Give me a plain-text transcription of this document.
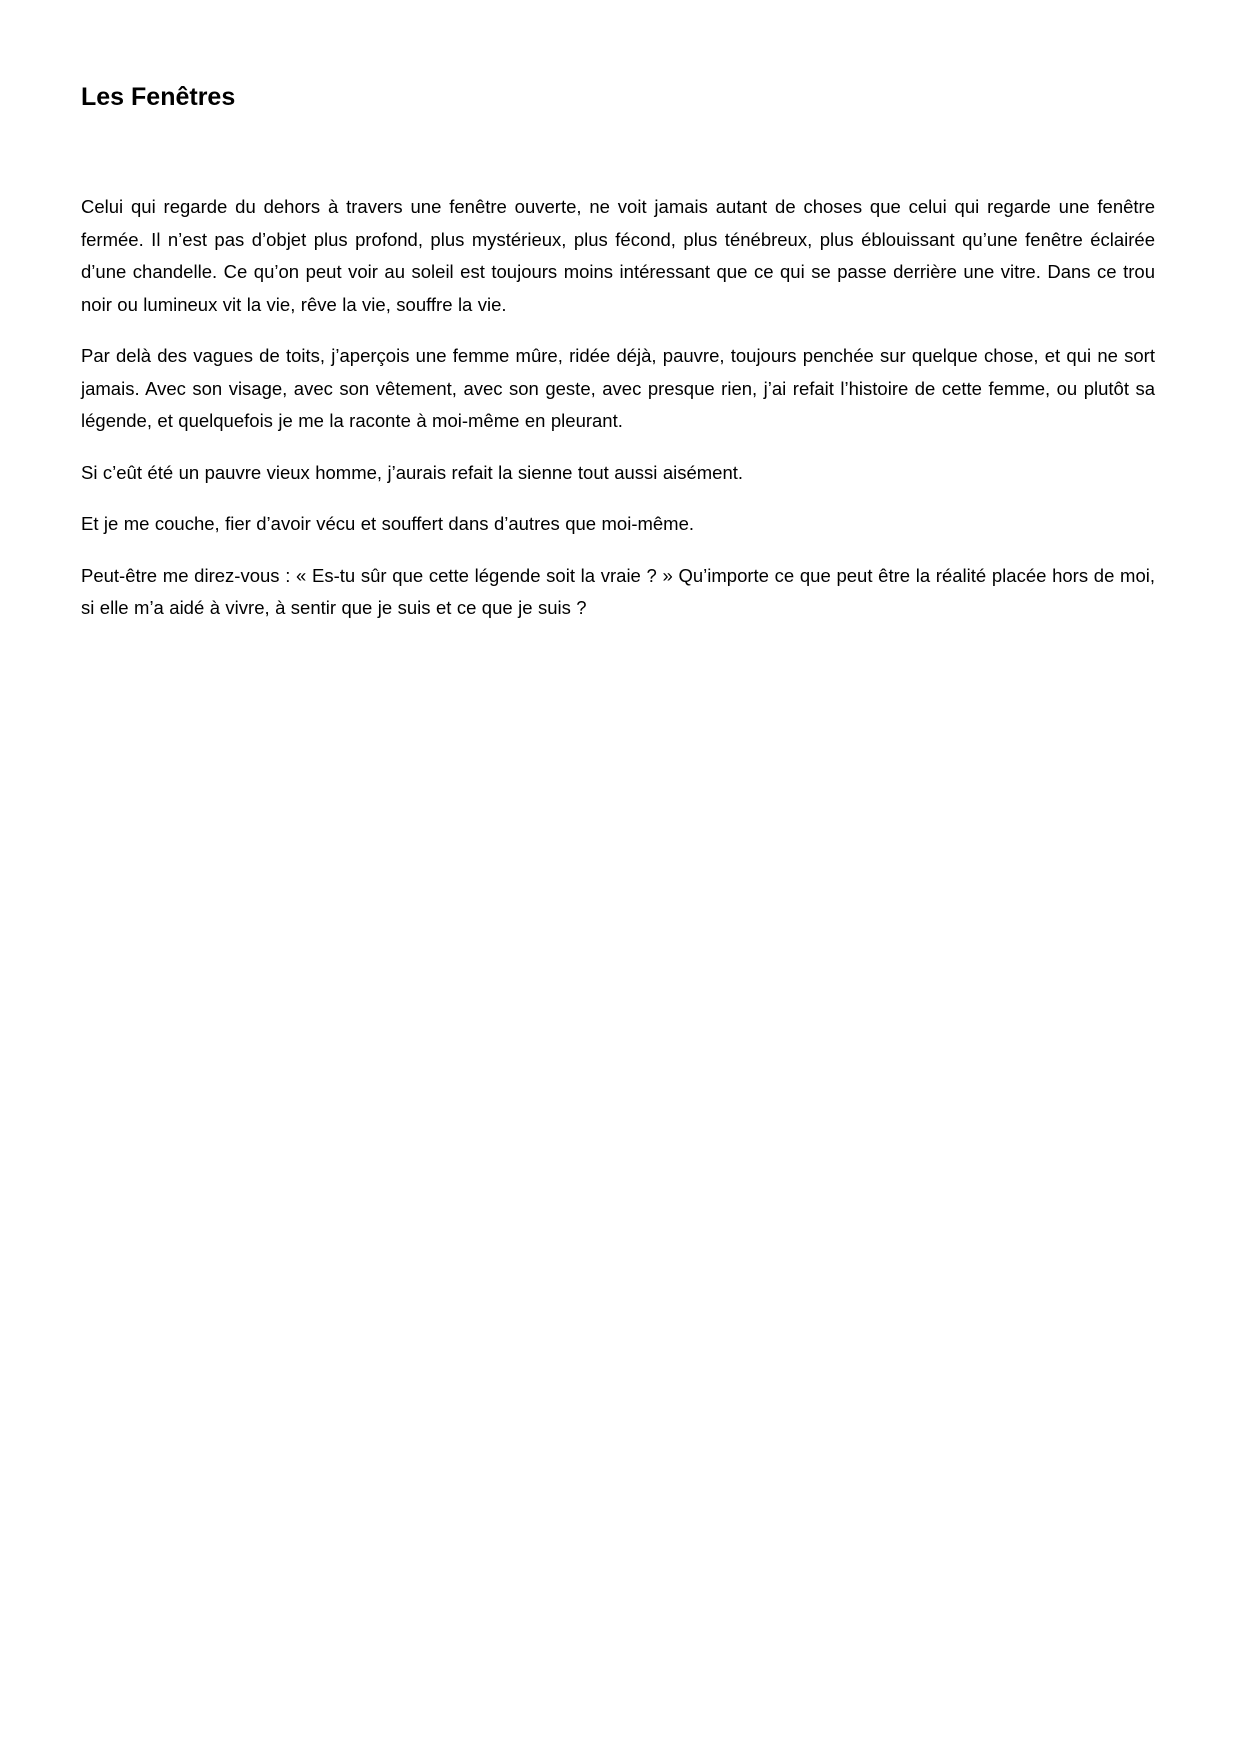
Les Fenêtres

Celui qui regarde du dehors à travers une fenêtre ouverte, ne voit jamais autant de choses que celui qui regarde une fenêtre fermée. Il n’est pas d’objet plus profond, plus mystérieux, plus fécond, plus ténébreux, plus éblouissant qu’une fenêtre éclairée d’une chandelle. Ce qu’on peut voir au soleil est toujours moins intéressant que ce qui se passe derrière une vitre. Dans ce trou noir ou lumineux vit la vie, rêve la vie, souffre la vie.

Par delà des vagues de toits, j’aperçois une femme mûre, ridée déjà, pauvre, toujours penchée sur quelque chose, et qui ne sort jamais. Avec son visage, avec son vêtement, avec son geste, avec presque rien, j’ai refait l’histoire de cette femme, ou plutôt sa légende, et quelquefois je me la raconte à moi-même en pleurant.

Si c’eût été un pauvre vieux homme, j’aurais refait la sienne tout aussi aisément.

Et je me couche, fier d’avoir vécu et souffert dans d’autres que moi-même.

Peut-être me direz-vous : « Es-tu sûr que cette légende soit la vraie ? » Qu’importe ce que peut être la réalité placée hors de moi, si elle m’a aidé à vivre, à sentir que je suis et ce que je suis ?
